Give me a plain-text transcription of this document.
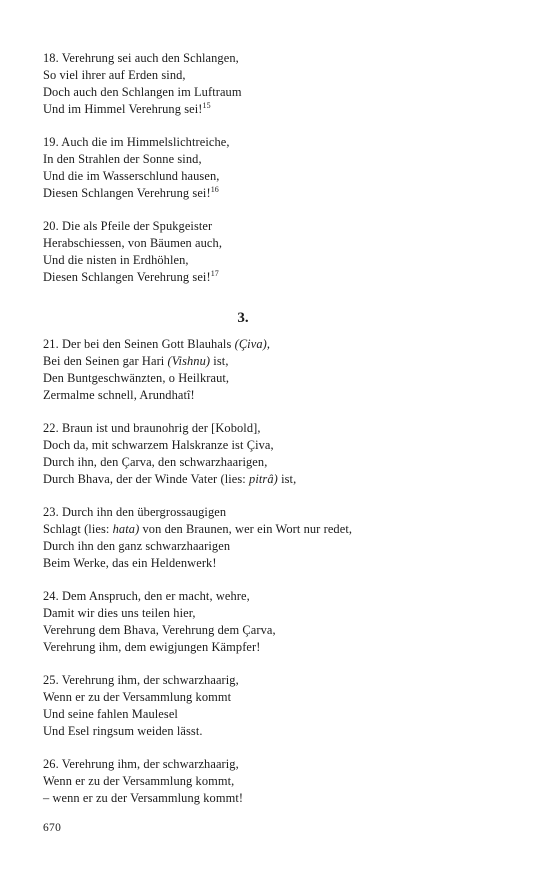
18. Verehrung sei auch den Schlangen,
So viel ihrer auf Erden sind,
Doch auch den Schlangen im Luftraum
Und im Himmel Verehrung sei!$^{15}$
19. Auch die im Himmelslichtreiche,
In den Strahlen der Sonne sind,
Und die im Wasserschlund hausen,
Diesen Schlangen Verehrung sei!$^{16}$
20. Die als Pfeile der Spukgeister
Herabschiessen, von Bäumen auch,
Und die nisten in Erdhöhlen,
Diesen Schlangen Verehrung sei!$^{17}$
3.
21. Der bei den Seinen Gott Blauhals (Çiva),
Bei den Seinen gar Hari (Vishnu) ist,
Den Buntgeschwänzten, o Heilkraut,
Zermalme schnell, Arundhatî!
22. Braun ist und braunohrig der [Kobold],
Doch da, mit schwarzem Halskranze ist Çiva,
Durch ihn, den Çarva, den schwarzhaarigen,
Durch Bhava, der der Winde Vater (lies: pitrâ) ist,
23. Durch ihn den übergrossaugigen
Schlagt (lies: hata) von den Braunen, wer ein Wort nur redet,
Durch ihn den ganz schwarzhaarigen
Beim Werke, das ein Heldenwerk!
24. Dem Anspruch, den er macht, wehre,
Damit wir dies uns teilen hier,
Verehrung dem Bhava, Verehrung dem Çarva,
Verehrung ihm, dem ewigjungen Kämpfer!
25. Verehrung ihm, der schwarzhaarig,
Wenn er zu der Versammlung kommt
Und seine fahlen Maulesel
Und Esel ringsum weiden lässt.
26. Verehrung ihm, der schwarzhaarig,
Wenn er zu der Versammlung kommt,
– wenn er zu der Versammlung kommt!
670
